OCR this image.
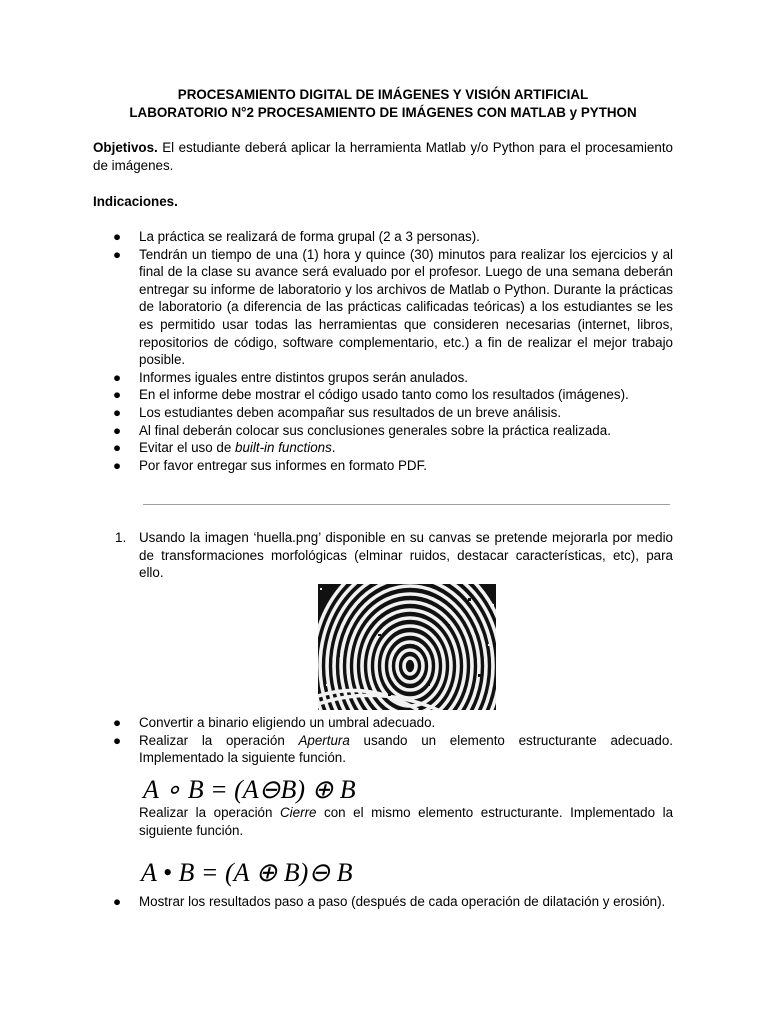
PROCESAMIENTO DIGITAL DE IMÁGENES Y VISIÓN ARTIFICIAL
LABORATORIO N°2 PROCESAMIENTO DE IMÁGENES CON MATLAB y PYTHON
Objetivos. El estudiante deberá aplicar la herramienta Matlab y/o Python para el procesamiento de imágenes.
Indicaciones.
● La práctica se realizará de forma grupal (2 a 3 personas).
● Tendrán un tiempo de una (1) hora y quince (30) minutos para realizar los ejercicios y al final de la clase su avance será evaluado por el profesor. Luego de una semana deberán entregar su informe de laboratorio y los archivos de Matlab o Python. Durante la prácticas de laboratorio (a diferencia de las prácticas calificadas teóricas) a los estudiantes se les es permitido usar todas las herramientas que consideren necesarias (internet, libros, repositorios de código, software complementario, etc.) a fin de realizar el mejor trabajo posible.
● Informes iguales entre distintos grupos serán anulados.
● En el informe debe mostrar el código usado tanto como los resultados (imágenes).
● Los estudiantes deben acompañar sus resultados de un breve análisis.
● Al final deberán colocar sus conclusiones generales sobre la práctica realizada.
● Evitar el uso de built-in functions.
● Por favor entregar sus informes en formato PDF.
1. Usando la imagen ‘huella.png’ disponible en su canvas se pretende mejorarla por medio de transformaciones morfológicas (elminar ruidos, destacar características, etc), para ello.
● Convertir a binario eligiendo un umbral adecuado.
● Realizar la operación Apertura usando un elemento estructurante adecuado. Implementado la siguiente función.
A ∘ B = (A⊖B) ⊕ B
Realizar la operación Cierre con el mismo elemento estructurante. Implementado la siguiente función.
A • B = (A ⊕ B)⊖ B
● Mostrar los resultados paso a paso (después de cada operación de dilatación y erosión).
